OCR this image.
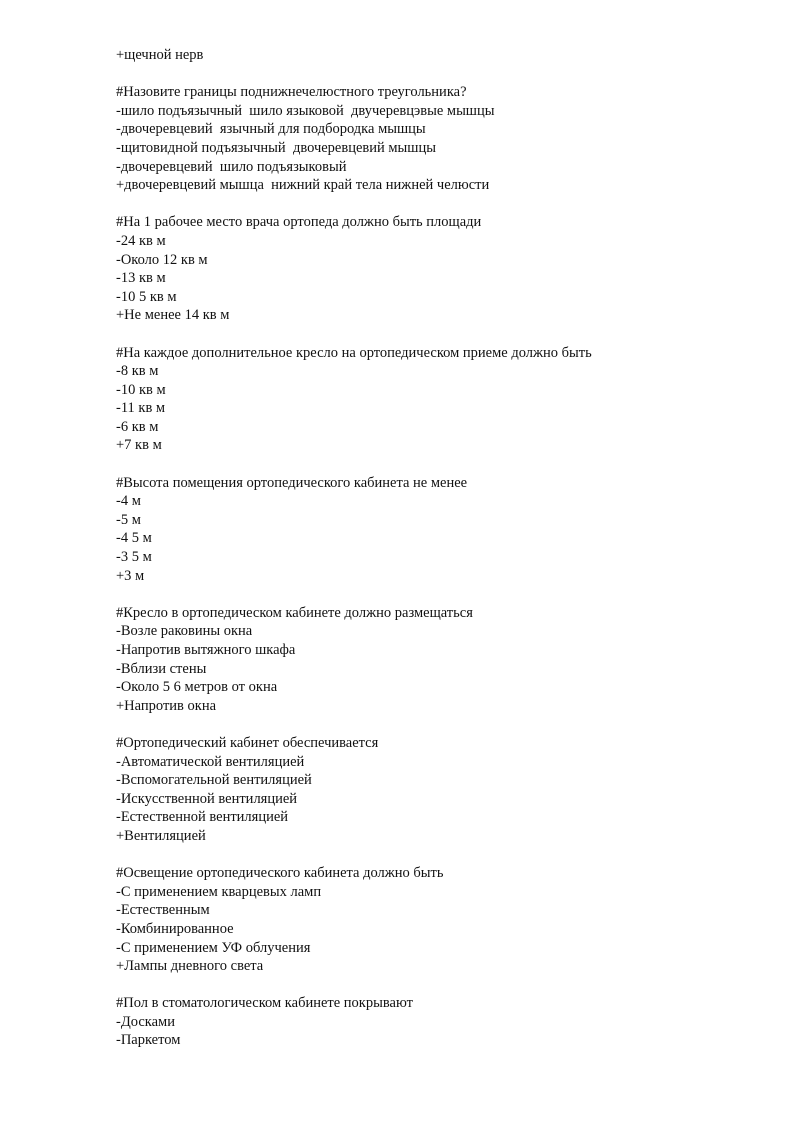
+щечной нерв
#Назовите границы поднижнечелюстного треугольника?
-шило подъязычный  шило языковой  двучеревцэвые мышцы
-двочеревцевий  язычный для подбородка мышцы
-щитовидной подъязычный  двочеревцевий мышцы
-двочеревцевий  шило подъязыковый
+двочеревцевий мышца  нижний край тела нижней челюсти
#На 1 рабочее место врача ортопеда должно быть площади
-24 кв м
-Около 12 кв м
-13 кв м
-10 5 кв м
+Не менее 14 кв м
#На каждое дополнительное кресло на ортопедическом приеме должно быть
-8 кв м
-10 кв м
-11 кв м
-6 кв м
+7 кв м
#Высота помещения ортопедического кабинета не менее
-4 м
-5 м
-4 5 м
-3 5 м
+3 м
#Кресло в ортопедическом кабинете должно размещаться
-Возле раковины окна
-Напротив вытяжного шкафа
-Вблизи стены
-Около 5 6 метров от окна
+Напротив окна
#Ортопедический кабинет обеспечивается
-Автоматической вентиляцией
-Вспомогательной вентиляцией
-Искусственной вентиляцией
-Естественной вентиляцией
+Вентиляцией
#Освещение ортопедического кабинета должно быть
-С применением кварцевых ламп
-Естественным
-Комбинированное
-С применением УФ облучения
+Лампы дневного света
#Пол в стоматологическом кабинете покрывают
-Досками
-Паркетом
